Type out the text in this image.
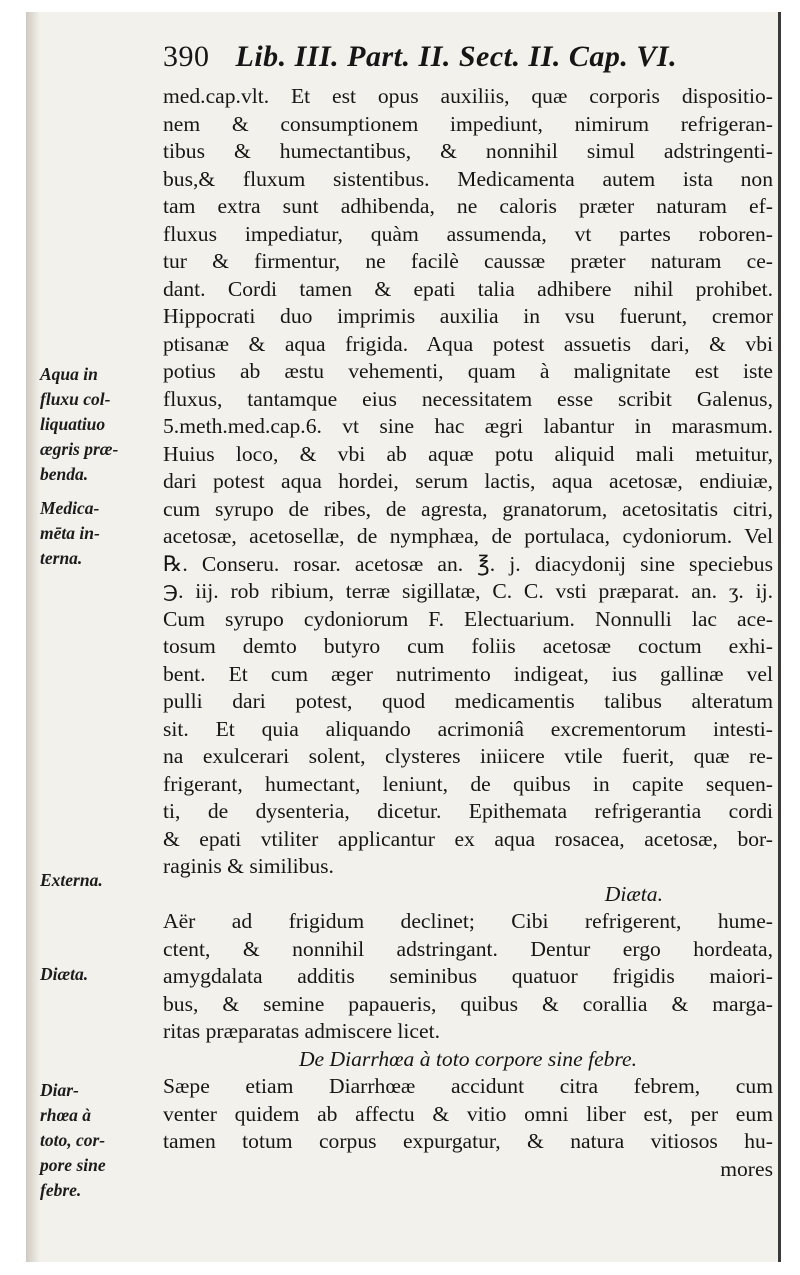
390 Lib. III. Part. II. Sect. II. Cap. VI.
med.cap.vlt. Et est opus auxiliis, quæ corporis dispositio-
nem & consumptionem impediunt, nimirum refrigeran-
tibus & humectantibus, & nonnihil simul adstringenti-
bus,& fluxum sistentibus. Medicamenta autem ista non
tam extra sunt adhibenda, ne caloris præter naturam ef-
fluxus impediatur, quàm assumenda, vt partes roboren-
tur & firmentur, ne facilè caussæ præter naturam ce-
dant. Cordi tamen & epati talia adhibere nihil prohibet.
Hippocrati duo imprimis auxilia in vsu fuerunt, cremor
ptisanæ & aqua frigida. Aqua potest assuetis dari, & vbi
potius ab æstu vehementi, quam à malignitate est iste
fluxus, tantamque eius necessitatem esse scribit Galenus,
5.meth.med.cap.6. vt sine hac ægri labantur in marasmum.
Huius loco, & vbi ab aquæ potu aliquid mali metuitur,
dari potest aqua hordei, serum lactis, aqua acetosæ, endiuiæ,
cum syrupo de ribes, de agresta, granatorum, acetositatis citri,
acetosæ, acetosellæ, de nymphæa, de portulaca, cydoniorum. Vel
℞. Conseru. rosar. acetosæ an. ℥. j. diacydonij sine speciebus
℈. iij. rob ribium, terræ sigillatæ, C. C. vsti præparat. an. ʒ. ij.
Cum syrupo cydoniorum F. Electuarium. Nonnulli lac ace-
tosum demto butyro cum foliis acetosæ coctum exhi-
bent. Et cum æger nutrimento indigeat, ius gallinæ vel
pulli dari potest, quod medicamentis talibus alteratum
sit. Et quia aliquando acrimoniâ excrementorum intesti-
na exulcerari solent, clysteres iniicere vtile fuerit, quæ re-
frigerant, humectant, leniunt, de quibus in capite sequen-
ti, de dysenteria, dicetur. Epithemata refrigerantia cordi
& epati vtiliter applicantur ex aqua rosacea, acetosæ, bor-
raginis & similibus.
Diæta.
Aër ad frigidum declinet; Cibi refrigerent, hume-
ctent, & nonnihil adstringant. Dentur ergo hordeata,
amygdalata additis seminibus quatuor frigidis maiori-
bus, & semine papaueris, quibus & corallia & marga-
ritas præparatas admiscere licet.
De Diarrhœa à toto corpore sine febre.
Sæpe etiam Diarrhœæ accidunt citra febrem, cum
venter quidem ab affectu & vitio omni liber est, per eum
tamen totum corpus expurgatur, & natura vitiosos hu-
mores
Aqua in
fluxu col-
liquatiuo
ægris præ-
benda.
Medica-
mēta in-
terna.
Externa.
Diæta.
Diar-
rhœa à
toto, cor-
pore sine
febre.
